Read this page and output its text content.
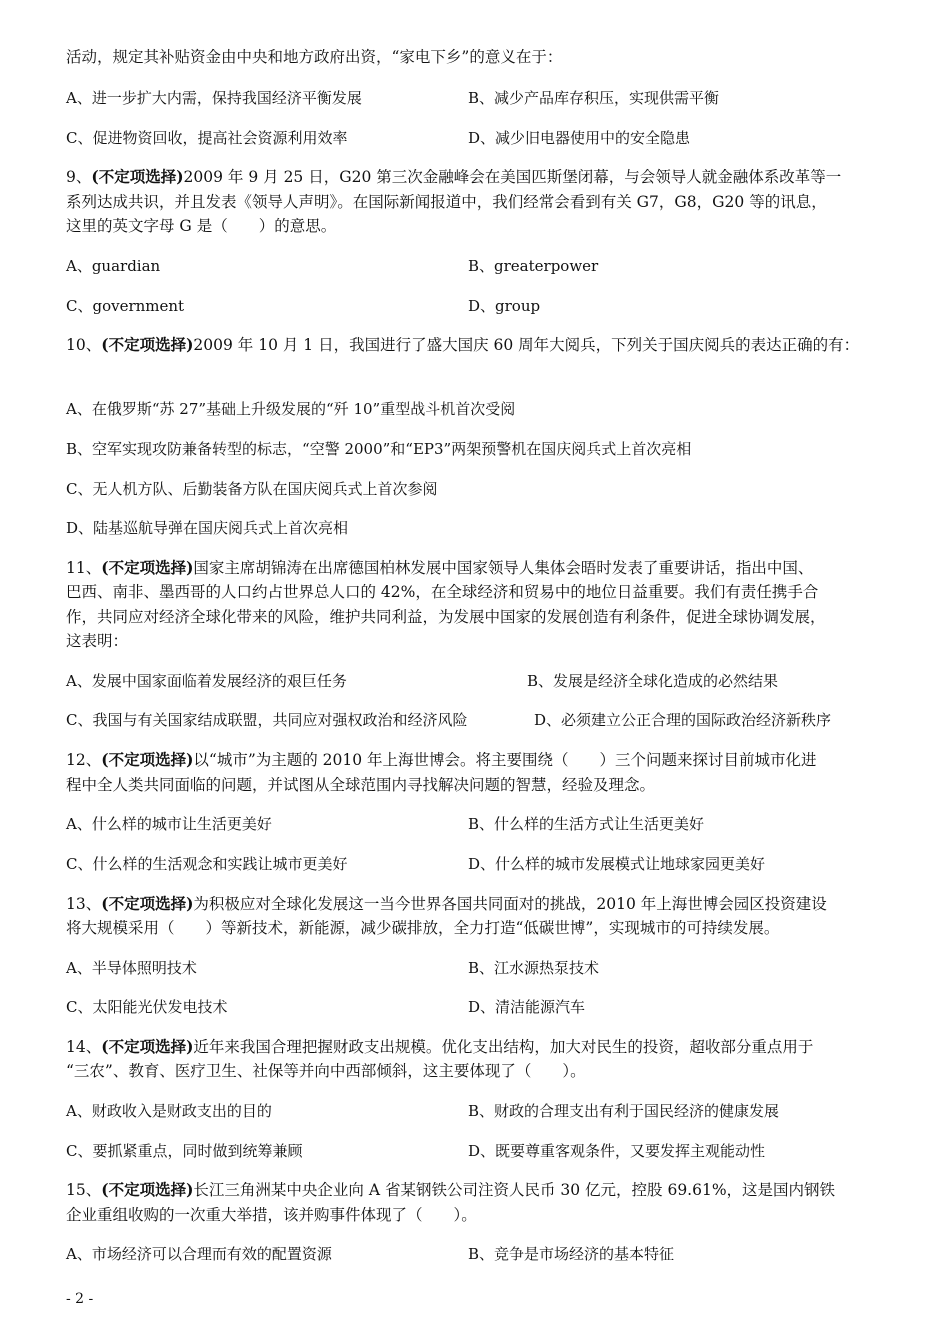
活动，规定其补贴资金由中央和地方政府出资，“家电下乡”的意义在于：
A、进一步扩大内需，保持我国经济平衡发展	B、减少产品库存积压，实现供需平衡
C、促进物资回收，提高社会资源利用效率	D、减少旧电器使用中的安全隐患
9、(不定项选择)2009 年 9 月 25 日，G20 第三次金融峰会在美国匹斯堡闭幕，与会领导人就金融体系改革等一
系列达成共识，并且发表《领导人声明》。在国际新闻报道中，我们经常会看到有关 G7，G8，G20 等的讯息，
这里的英文字母 G 是（　　）的意思。
A、guardian	B、greaterpower
C、government	D、group
10、(不定项选择)2009 年 10 月 1 日，我国进行了盛大国庆 60 周年大阅兵，下列关于国庆阅兵的表达正确的有：
A、在俄罗斯“苏 27”基础上升级发展的“歼 10”重型战斗机首次受阅
B、空军实现攻防兼备转型的标志，“空警 2000”和“EP3”两架预警机在国庆阅兵式上首次亮相
C、无人机方队、后勤装备方队在国庆阅兵式上首次参阅
D、陆基巡航导弹在国庆阅兵式上首次亮相
11、(不定项选择)国家主席胡锦涛在出席德国柏林发展中国家领导人集体会晤时发表了重要讲话，指出中国、
巴西、南非、墨西哥的人口约占世界总人口的 42%，在全球经济和贸易中的地位日益重要。我们有责任携手合
作，共同应对经济全球化带来的风险，维护共同利益，为发展中国家的发展创造有利条件，促进全球协调发展，
这表明：
A、发展中国家面临着发展经济的艰巨任务	B、发展是经济全球化造成的必然结果
C、我国与有关国家结成联盟，共同应对强权政治和经济风险	D、必须建立公正合理的国际政治经济新秩序
12、(不定项选择)以“城市”为主题的 2010 年上海世博会。将主要围绕（　　）三个问题来探讨目前城市化进
程中全人类共同面临的问题，并试图从全球范围内寻找解决问题的智慧，经验及理念。
A、什么样的城市让生活更美好	B、什么样的生活方式让生活更美好
C、什么样的生活观念和实践让城市更美好	D、什么样的城市发展模式让地球家园更美好
13、(不定项选择)为积极应对全球化发展这一当今世界各国共同面对的挑战，2010 年上海世博会园区投资建设
将大规模采用（　　）等新技术，新能源，减少碳排放，全力打造“低碳世博”，实现城市的可持续发展。
A、半导体照明技术	B、江水源热泵技术
C、太阳能光伏发电技术	D、清洁能源汽车
14、(不定项选择)近年来我国合理把握财政支出规模。优化支出结构，加大对民生的投资，超收部分重点用于
“三农”、教育、医疗卫生、社保等并向中西部倾斜，这主要体现了（　　）。
A、财政收入是财政支出的目的	B、财政的合理支出有利于国民经济的健康发展
C、要抓紧重点，同时做到统筹兼顾	D、既要尊重客观条件，又要发挥主观能动性
15、(不定项选择)长江三角洲某中央企业向 A 省某钢铁公司注资人民币 30 亿元，控股 69.61%，这是国内钢铁
企业重组收购的一次重大举措，该并购事件体现了（　　）。
A、市场经济可以合理而有效的配置资源	B、竞争是市场经济的基本特征
- 2 -
